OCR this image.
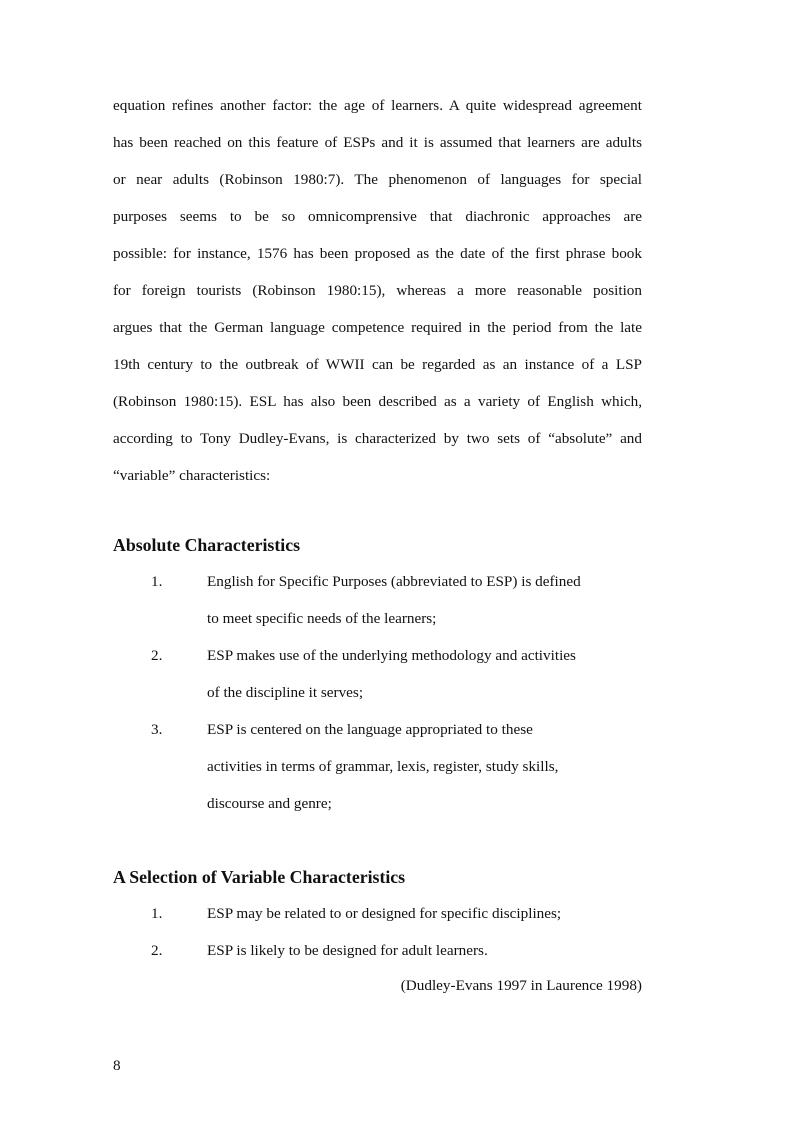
equation refines another factor: the age of learners. A quite widespread agreement

has been reached on this feature of ESPs and it is assumed that learners are adults

or near adults (Robinson 1980:7). The phenomenon of languages for special

purposes seems to be so omnicomprensive that diachronic approaches are

possible: for instance, 1576 has been proposed as the date of the first phrase book

for foreign tourists (Robinson 1980:15), whereas a more reasonable position

argues that the German language competence required in the period from the late

19th century to the outbreak of WWII can be regarded as an instance of a LSP

(Robinson 1980:15). ESL has also been described as a variety of English which,

according to Tony Dudley-Evans, is characterized by two sets of “absolute” and

“variable” characteristics:

Absolute Characteristics
1.	English for Specific Purposes (abbreviated to ESP) is defined
to meet specific needs of the learners;
2.	ESP makes use of the underlying methodology and activities
of the discipline it serves;
3.	ESP is centered on the language appropriated to these
activities in terms of grammar, lexis, register, study skills,
discourse and genre;
A Selection of Variable Characteristics
1.	ESP may be related to or designed for specific disciplines;
2.	ESP is likely to be designed for adult learners.
(Dudley-Evans 1997 in Laurence 1998)
8
